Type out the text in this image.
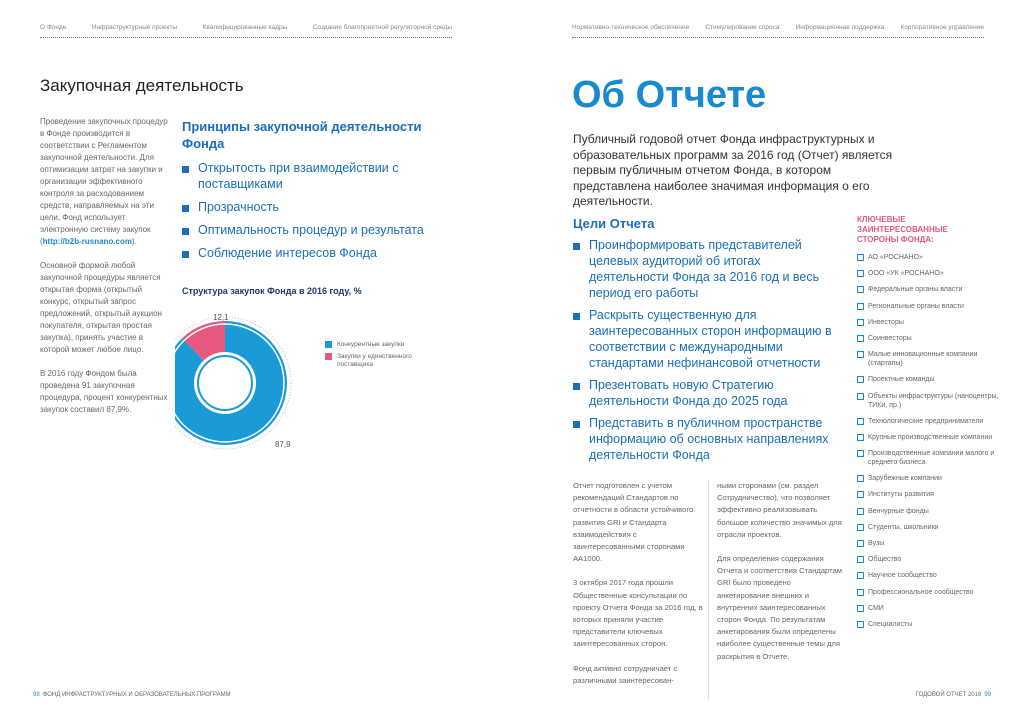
О Фонде	Инфраструктурные проекты	Квалифицированные кадры	Создание благоприятной регуляторной среды	Нормативно-техническое обеспечение Стимулирование спроса Информационная поддержка Корпоративное управление
Закупочная деятельность

Проведение закупочных процедур в Фонде производится в соответствии с Регламентом закупочной деятельности. Для оптимизации затрат на закупки и организации эффективного контроля за расходованием средств, направляемых на эти цели, Фонд использует электронную систему закупок (http://b2b-rusnano.com).

Основной формой любой закупочной процедуры является открытая форма (открытый конкурс, открытый запрос предложений, открытый аукцион покупателя, открытая простая закупка), принять участие в которой может любое лицо.

В 2016 году Фондом была проведена 91 закупочная процедура, процент конкурентных закупок составил 87,9%.

Принципы закупочной деятельности Фонда
Открытость при взаимодействии с поставщиками
Прозрачность
Оптимальность процедур и результата
Соблюдение интересов Фонда
Структура закупок Фонда в 2016 году, %
87,9
12,1
Конкурентные закупки
Закупки у единственного поставщика
Об Отчете
Публичный годовой отчет Фонда инфраструктурных и образовательных программ за 2016 год (Отчет) является первым публичным отчетом Фонда, в котором представлена наиболее значимая информация о его деятельности.
Цели Отчета
Проинформировать представителей целевых аудиторий об итогах деятельности Фонда за 2016 год и весь период его работы
Раскрыть существенную для заинтересованных сторон информацию в соответствии с международными стандартами нефинансовой отчетности
Презентовать новую Стратегию деятельности Фонда до 2025 года
Представить в публичном пространстве информацию об основных направлениях деятельности Фонда

Отчет подготовлен с учетом рекомендаций Стандартов по отчетности в области устойчивого развития GRI и Стандарта взаимодействия с заинтересованными сторонами АА1000.

3 октября 2017 года прошли Общественные консультации по проекту Отчета Фонда за 2016 год, в которых приняли участие представители ключевых заинтересованных сторон.

Фонд активно сотрудничает с различными заинтересован-

ными сторонами (см. раздел Сотрудничество), что позволяет эффективно реализовывать большое количество значимых для отрасли проектов.

Для определения содержания Отчета и соответствия Стандартам GRI было проведено анкетирование внешних и внутренних заинтересованных сторон Фонда. По результатам анкетирования были определены наиболее существенные темы для раскрытия в Отчете.

КЛЮЧЕВЫЕ ЗАИНТЕРЕСОВАННЫЕ СТОРОНЫ ФОНДА:
АО «РОСНАНО»
ООО «УК «РОСНАНО»
Федеральные органы власти
Региональные органы власти
Инвесторы
Соинвесторы
Малые инновационные компании (стартапы)
Проектные команды
Объекты инфраструктуры (наноцентры, ТИКи, пр.)
Технологические предприниматели
Крупные производственные компании
Производственные компании малого и среднего бизнеса
Зарубежные компании
Институты развития
Венчурные фонды
Студенты, школьники
Вузы
Общество
Научное сообщество
Профессиональное сообщество
СМИ
Специалисты
98 ФОНД ИНФРАСТРУКТУРНЫХ И ОБРАЗОВАТЕЛЬНЫХ ПРОГРАММ	ГОДОВОЙ ОТЧЕТ 2016 99
